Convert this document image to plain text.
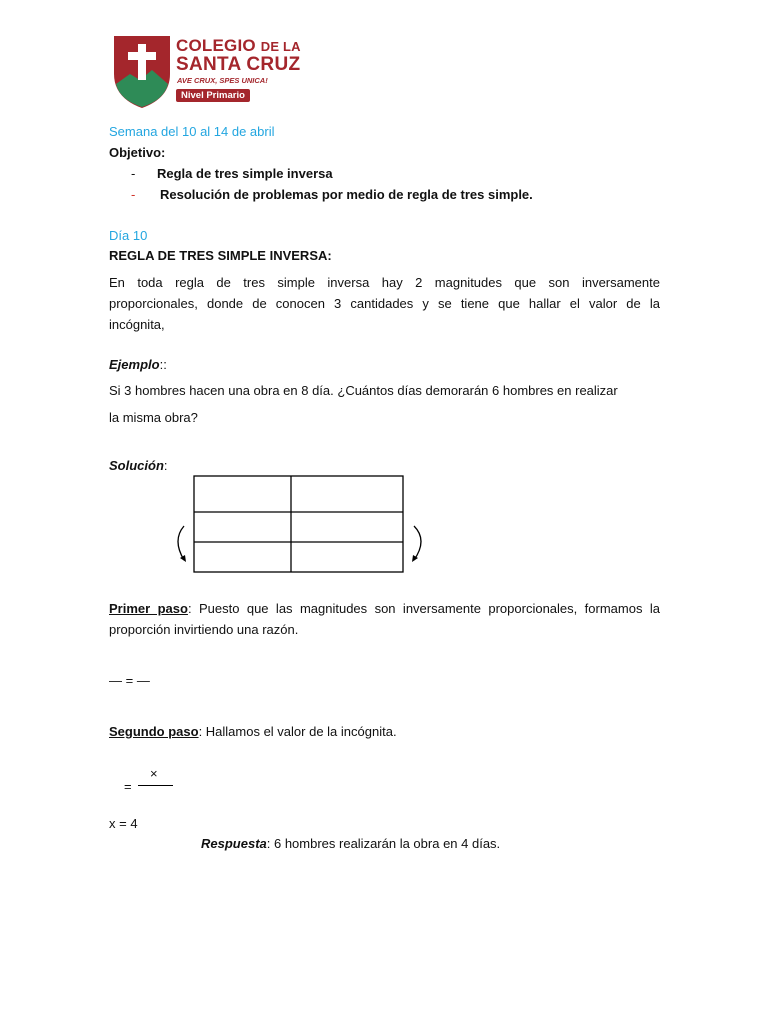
COLEGIO DE LA
SANTA CRUZ
AVE CRUX, SPES UNICA!
Nivel Primario
Semana del 10 al 14 de abril
Objetivo:
- Regla de tres simple inversa
- Resolución de problemas por medio de regla de tres simple.
Día 10
REGLA DE TRES SIMPLE INVERSA:
En toda regla de tres simple inversa hay 2 magnitudes que son inversamente
proporcionales, donde de conocen 3 cantidades y se tiene que hallar el valor de la
incógnita,
Ejemplo::
Si 3 hombres hacen una obra en 8 día. ¿Cuántos días demorarán 6 hombres en realizar
la misma obra?
Solución:
Primer paso: Puesto que las magnitudes son inversamente proporcionales, formamos la
proporción invirtiendo una razón.
— = —
Segundo paso: Hallamos el valor de la incógnita.
×
=
x = 4
Respuesta: 6 hombres realizarán la obra en 4 días.
